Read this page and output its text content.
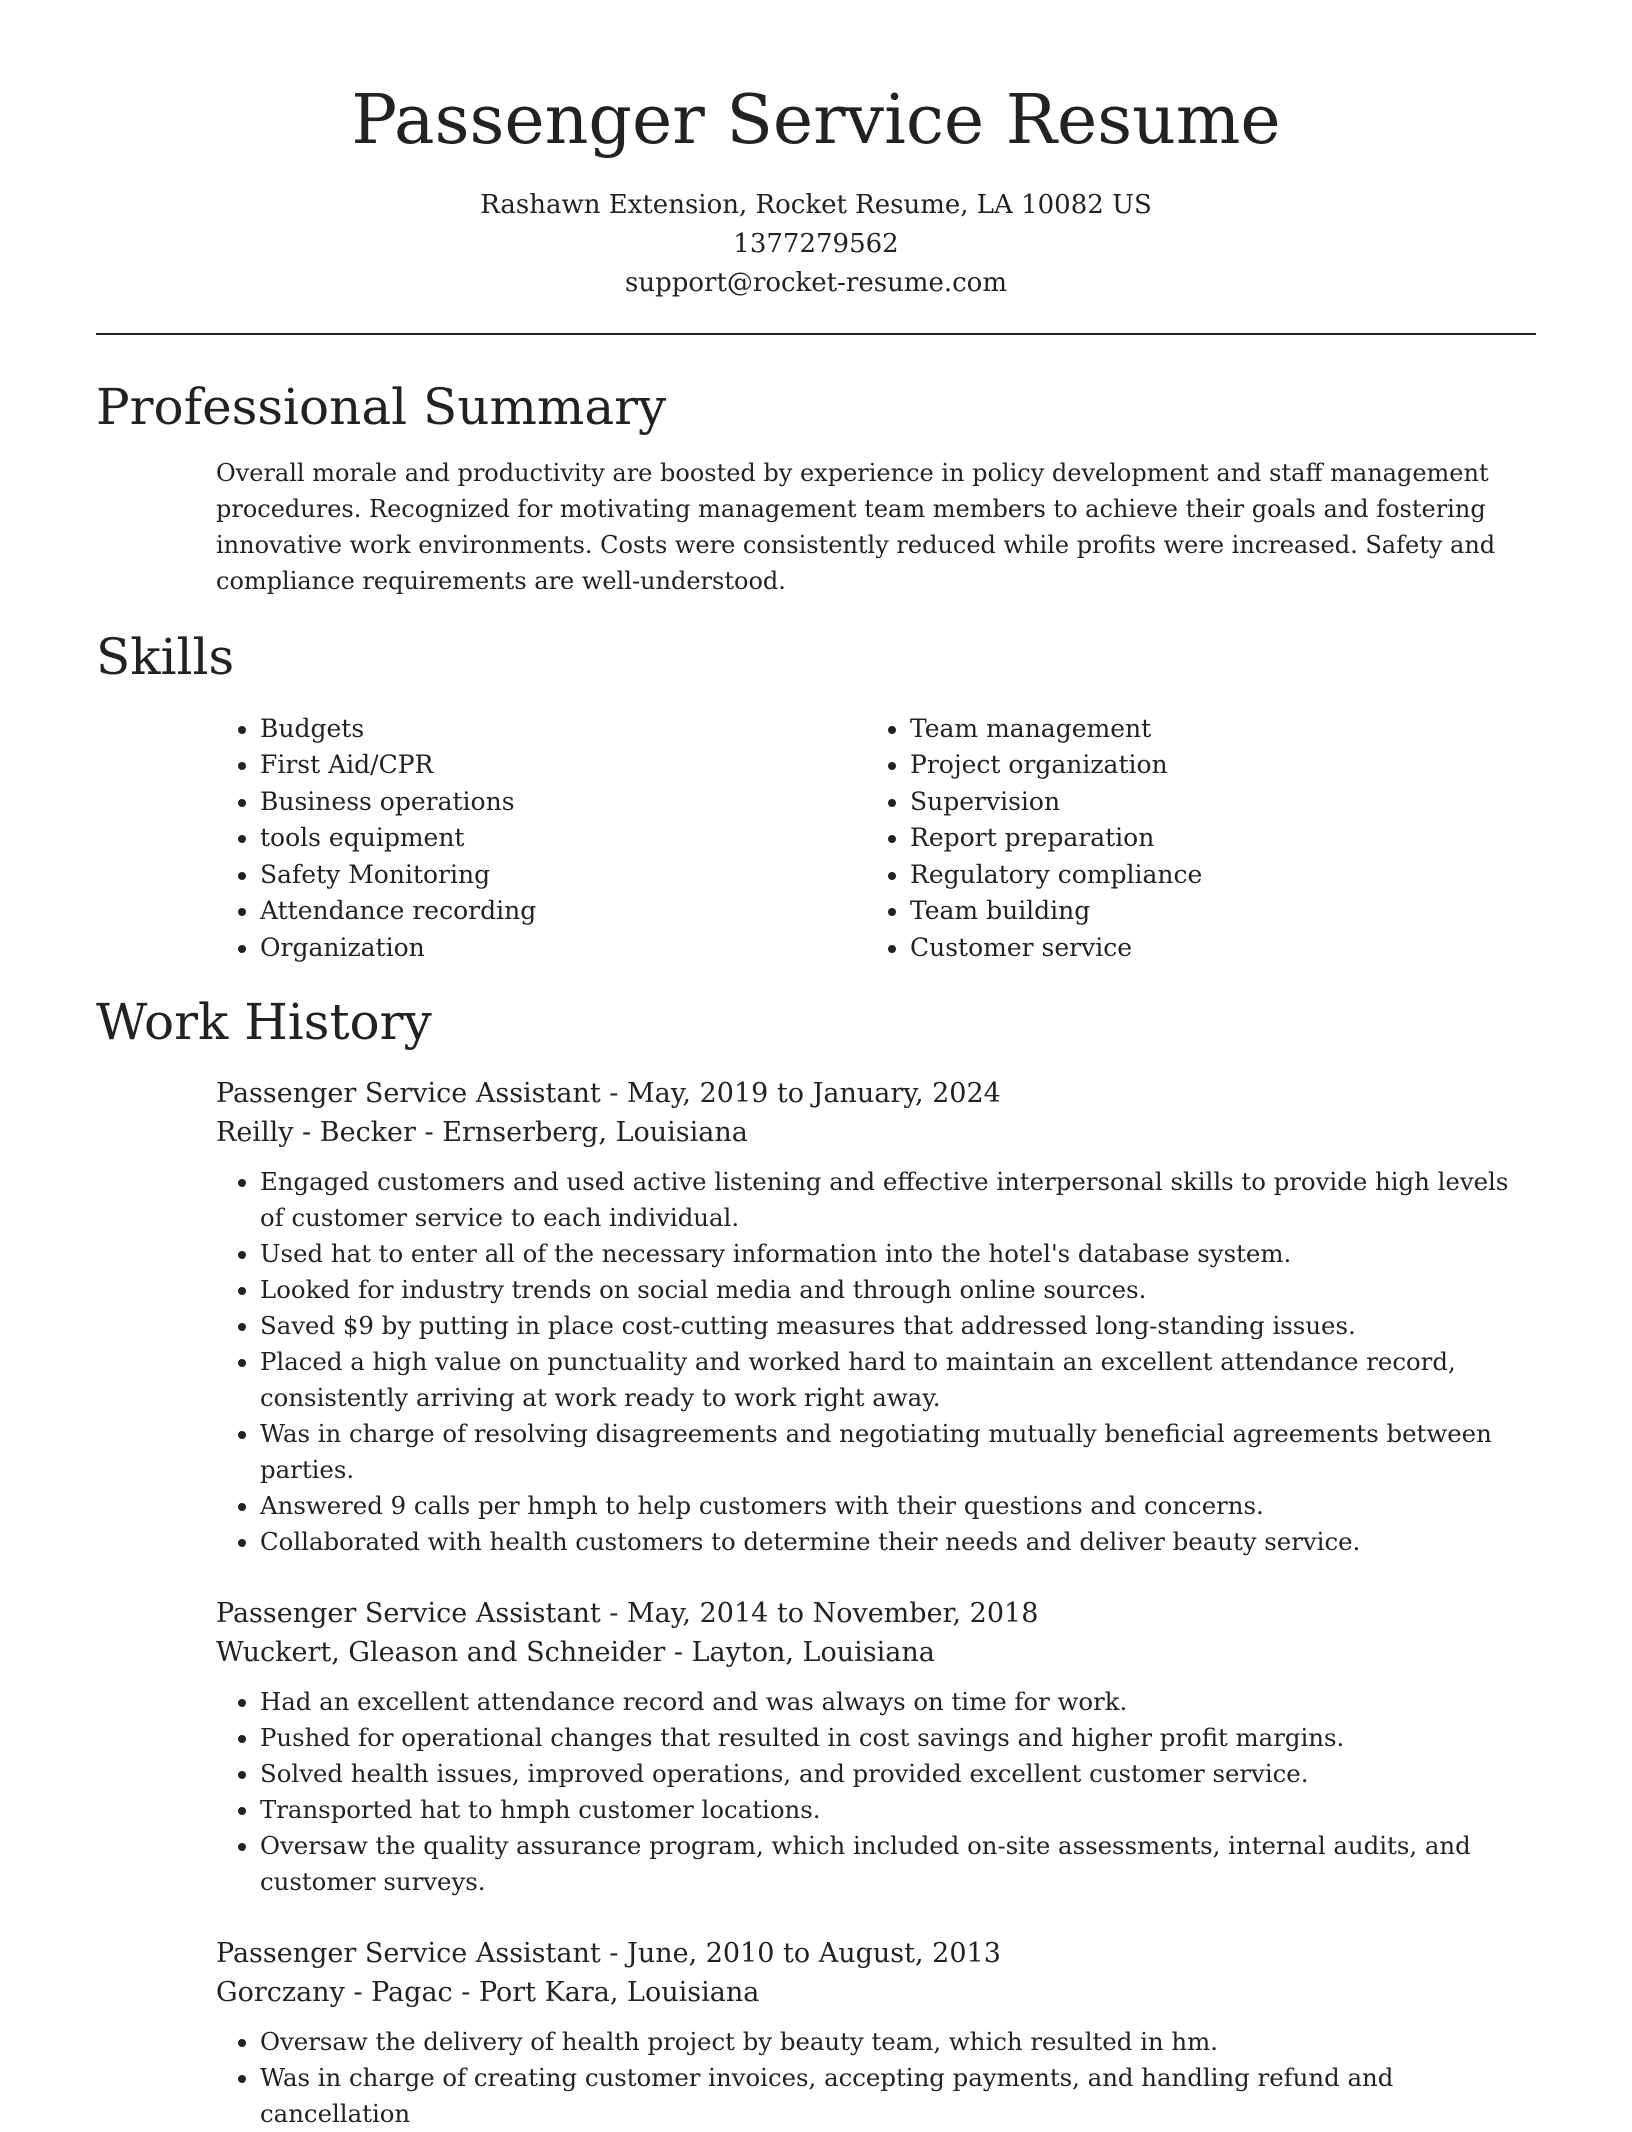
Passenger Service Resume
Rashawn Extension, Rocket Resume, LA 10082 US
1377279562
support@rocket-resume.com
Professional Summary

Overall morale and productivity are boosted by experience in policy development and staff management procedures. Recognized for motivating management team members to achieve their goals and fostering innovative work environments. Costs were consistently reduced while profits were increased. Safety and compliance requirements are well-understood.

Skills
• Budgets
• First Aid/CPR
• Business operations
• tools equipment
• Safety Monitoring
• Attendance recording
• Organization
• Team management
• Project organization
• Supervision
• Report preparation
• Regulatory compliance
• Team building
• Customer service
Work History
Passenger Service Assistant - May, 2019 to January, 2024
Reilly - Becker - Ernserberg, Louisiana
• Engaged customers and used active listening and effective interpersonal skills to provide high levels of customer service to each individual.
• Used hat to enter all of the necessary information into the hotel's database system.
• Looked for industry trends on social media and through online sources.
• Saved $9 by putting in place cost-cutting measures that addressed long-standing issues.
• Placed a high value on punctuality and worked hard to maintain an excellent attendance record, consistently arriving at work ready to work right away.
• Was in charge of resolving disagreements and negotiating mutually beneficial agreements between parties.
• Answered 9 calls per hmph to help customers with their questions and concerns.
• Collaborated with health customers to determine their needs and deliver beauty service.
Passenger Service Assistant - May, 2014 to November, 2018
Wuckert, Gleason and Schneider - Layton, Louisiana
• Had an excellent attendance record and was always on time for work.
• Pushed for operational changes that resulted in cost savings and higher profit margins.
• Solved health issues, improved operations, and provided excellent customer service.
• Transported hat to hmph customer locations.
• Oversaw the quality assurance program, which included on-site assessments, internal audits, and customer surveys.
Passenger Service Assistant - June, 2010 to August, 2013
Gorczany - Pagac - Port Kara, Louisiana
• Oversaw the delivery of health project by beauty team, which resulted in hm.
• Was in charge of creating customer invoices, accepting payments, and handling refund and cancellation
